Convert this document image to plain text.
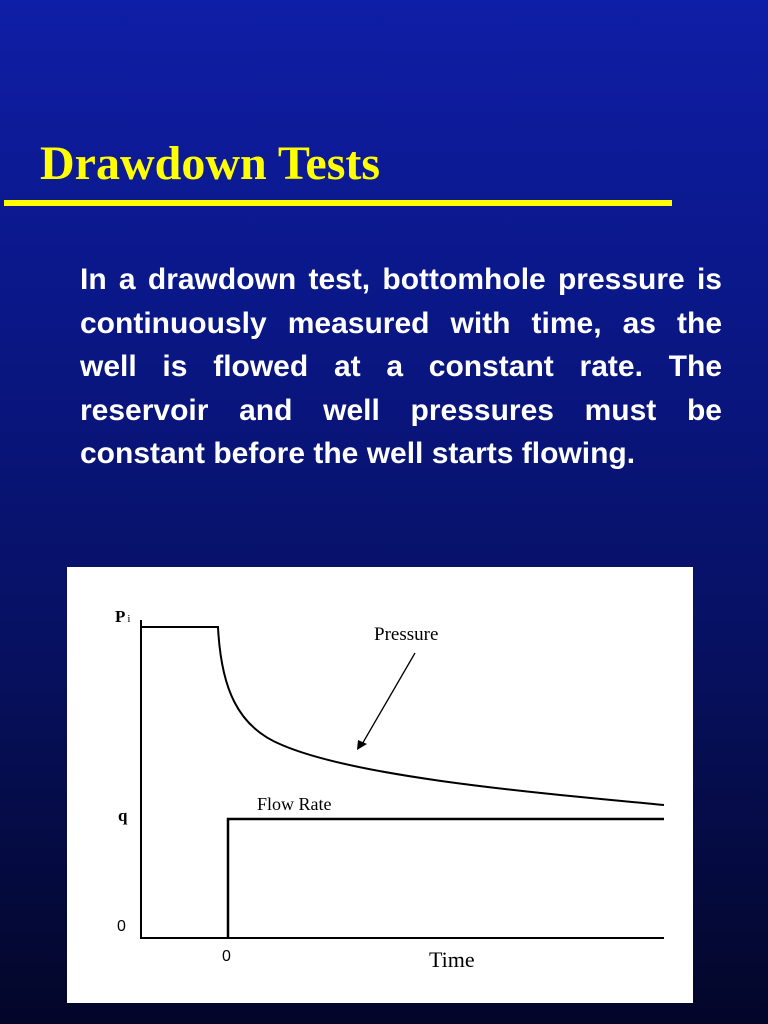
Drawdown Tests

In a drawdown test, bottomhole pressure is continuously measured with time, as the well is flowed at a constant rate. The reservoir and well pressures must be constant before the well starts flowing.

Pi
q
0
0	Time
Pressure
Flow Rate
